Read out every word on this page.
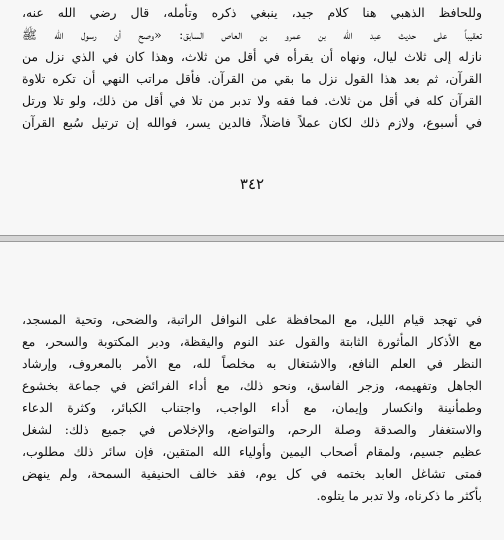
وللحافظ الذهبي هنا كلام جيد، ينبغي ذكره وتأمله، قال رضي الله عنه،
تعقيباً على حديث عبد الله بن عمرو بن العاص السابق: «وصح أن رسول الله ﷺ
نازله إلى ثلاث ليال، ونهاه أن يقرأه في أقل من ثلاث، وهذا كان في الذي نزل من
القرآن، ثم بعد هذا القول نزل ما بقي من القرآن. فأقل مراتب النهي أن تكره تلاوة
القرآن كله في أقل من ثلاث. فما فقه ولا تدبر من تلا في أقل من ذلك، ولو تلا ورتل
في أسبوع، ولازم ذلك لكان عملاً فاضلاً، فالدين يسر، فوالله إن ترتيل سُبع القرآن
٣٤٢
في تهجد قيام الليل، مع المحافظة على النوافل الراتبة، والضحى، وتحية المسجد،
مع الأذكار المأثورة الثابتة والقول عند النوم واليقظة، ودبر المكتوبة والسحر، مع
النظر في العلم النافع، والاشتغال به مخلصاً لله، مع الأمر بالمعروف، وإرشاد
الجاهل وتفهيمه، وزجر الفاسق، ونحو ذلك، مع أداء الفرائض في جماعة بخشوع
وطمأنينة وانكسار وإيمان، مع أداء الواجب، واجتناب الكبائر، وكثرة الدعاء
والاستغفار والصدقة وصلة الرحم، والتواضع، والإخلاص في جميع ذلك: لشغل
عظيم جسيم، ولمقام أصحاب اليمين وأولياء الله المتقين، فإن سائر ذلك مطلوب،
فمتى تشاغل العابد بختمه في كل يوم، فقد خالف الحنيفية السمحة، ولم ينهض
بأكثر ما ذكرناه، ولا تدبر ما يتلوه.
